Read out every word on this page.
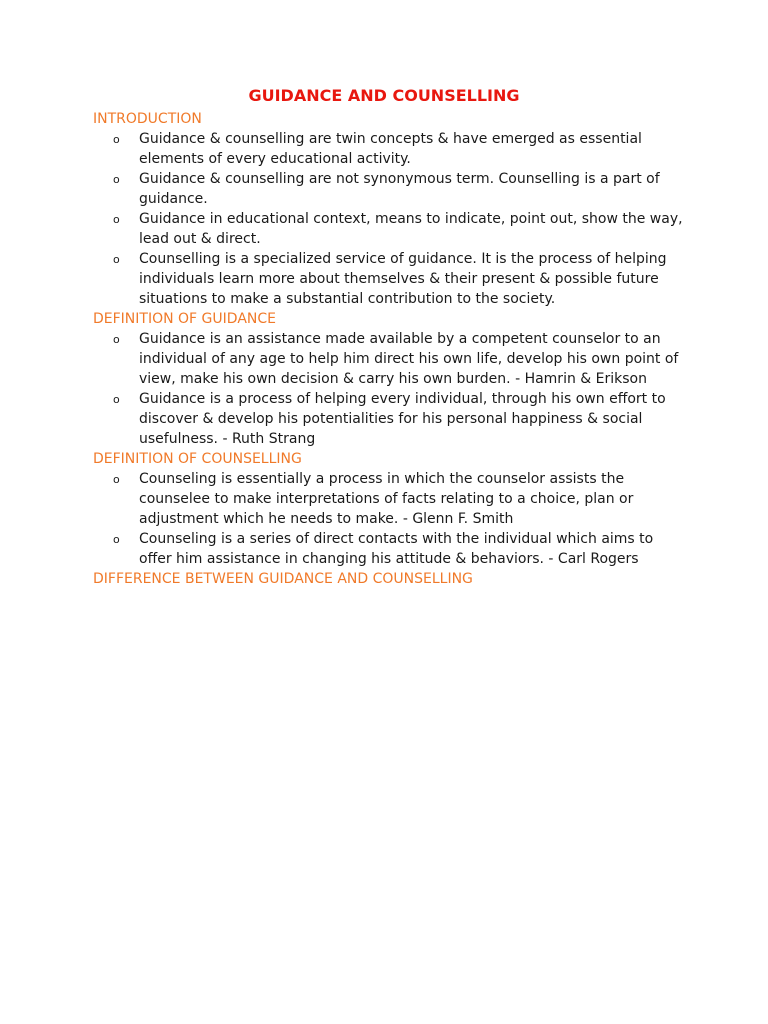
GUIDANCE AND COUNSELLING
INTRODUCTION
o Guidance & counselling are twin concepts & have emerged as essential elements of every educational activity.
o Guidance & counselling are not synonymous term. Counselling is a part of guidance.
o Guidance in educational context, means to indicate, point out, show the way, lead out & direct.
o Counselling is a specialized service of guidance. It is the process of helping individuals learn more about themselves & their present & possible future situations to make a substantial contribution to the society.
DEFINITION OF GUIDANCE
o Guidance is an assistance made available by a competent counselor to an individual of any age to help him direct his own life, develop his own point of view, make his own decision & carry his own burden. - Hamrin & Erikson
o Guidance is a process of helping every individual, through his own effort to discover & develop his potentialities for his personal happiness & social usefulness. - Ruth Strang
DEFINITION OF COUNSELLING
o Counseling is essentially a process in which the counselor assists the counselee to make interpretations of facts relating to a choice, plan or adjustment which he needs to make. - Glenn F. Smith
o Counseling is a series of direct contacts with the individual which aims to offer him assistance in changing his attitude & behaviors. - Carl Rogers
DIFFERENCE BETWEEN GUIDANCE AND COUNSELLING
